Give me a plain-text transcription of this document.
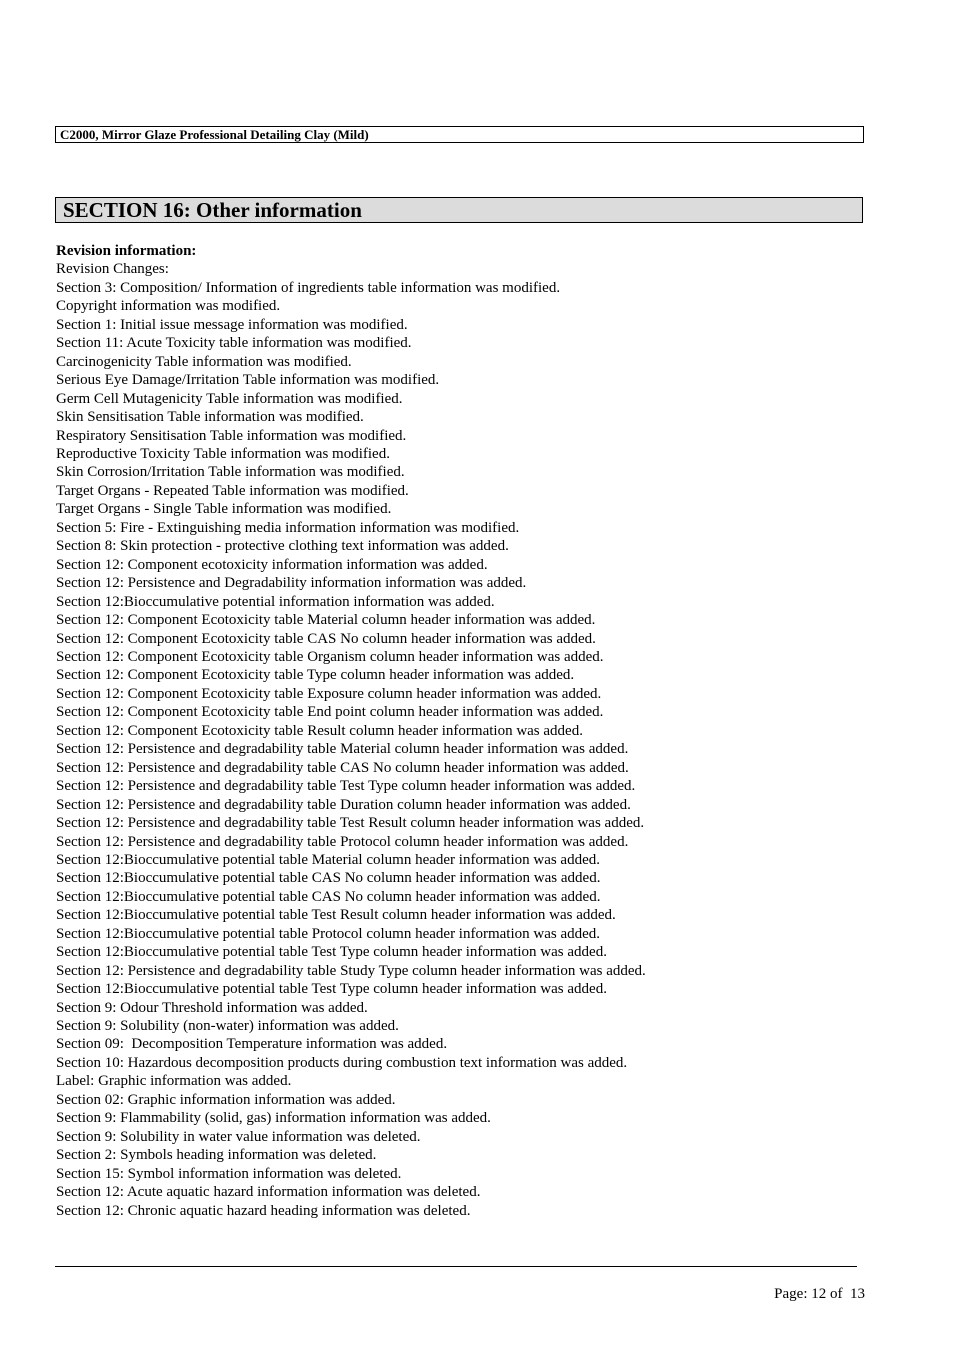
C2000, Mirror Glaze Professional Detailing Clay (Mild)
SECTION 16: Other information
Revision information:
Revision Changes:
Section 3: Composition/ Information of ingredients table information was modified.
Copyright information was modified.
Section 1: Initial issue message information was modified.
Section 11: Acute Toxicity table information was modified.
Carcinogenicity Table information was modified.
Serious Eye Damage/Irritation Table information was modified.
Germ Cell Mutagenicity Table information was modified.
Skin Sensitisation Table information was modified.
Respiratory Sensitisation Table information was modified.
Reproductive Toxicity Table information was modified.
Skin Corrosion/Irritation Table information was modified.
Target Organs - Repeated Table information was modified.
Target Organs - Single Table information was modified.
Section 5: Fire - Extinguishing media information information was modified.
Section 8: Skin protection - protective clothing text information was added.
Section 12: Component ecotoxicity information information was added.
Section 12: Persistence and Degradability information information was added.
Section 12:Bioccumulative potential information information was added.
Section 12: Component Ecotoxicity table Material column header information was added.
Section 12: Component Ecotoxicity table CAS No column header information was added.
Section 12: Component Ecotoxicity table Organism column header information was added.
Section 12: Component Ecotoxicity table Type column header information was added.
Section 12: Component Ecotoxicity table Exposure column header information was added.
Section 12: Component Ecotoxicity table End point column header information was added.
Section 12: Component Ecotoxicity table Result column header information was added.
Section 12: Persistence and degradability table Material column header information was added.
Section 12: Persistence and degradability table CAS No column header information was added.
Section 12: Persistence and degradability table Test Type column header information was added.
Section 12: Persistence and degradability table Duration column header information was added.
Section 12: Persistence and degradability table Test Result column header information was added.
Section 12: Persistence and degradability table Protocol column header information was added.
Section 12:Bioccumulative potential table Material column header information was added.
Section 12:Bioccumulative potential table CAS No column header information was added.
Section 12:Bioccumulative potential table CAS No column header information was added.
Section 12:Bioccumulative potential table Test Result column header information was added.
Section 12:Bioccumulative potential table Protocol column header information was added.
Section 12:Bioccumulative potential table Test Type column header information was added.
Section 12: Persistence and degradability table Study Type column header information was added.
Section 12:Bioccumulative potential table Test Type column header information was added.
Section 9: Odour Threshold information was added.
Section 9: Solubility (non-water) information was added.
Section 09:  Decomposition Temperature information was added.
Section 10: Hazardous decomposition products during combustion text information was added.
Label: Graphic information was added.
Section 02: Graphic information information was added.
Section 9: Flammability (solid, gas) information information was added.
Section 9: Solubility in water value information was deleted.
Section 2: Symbols heading information was deleted.
Section 15: Symbol information information was deleted.
Section 12: Acute aquatic hazard information information was deleted.
Section 12: Chronic aquatic hazard heading information was deleted.
Page: 12 of  13
